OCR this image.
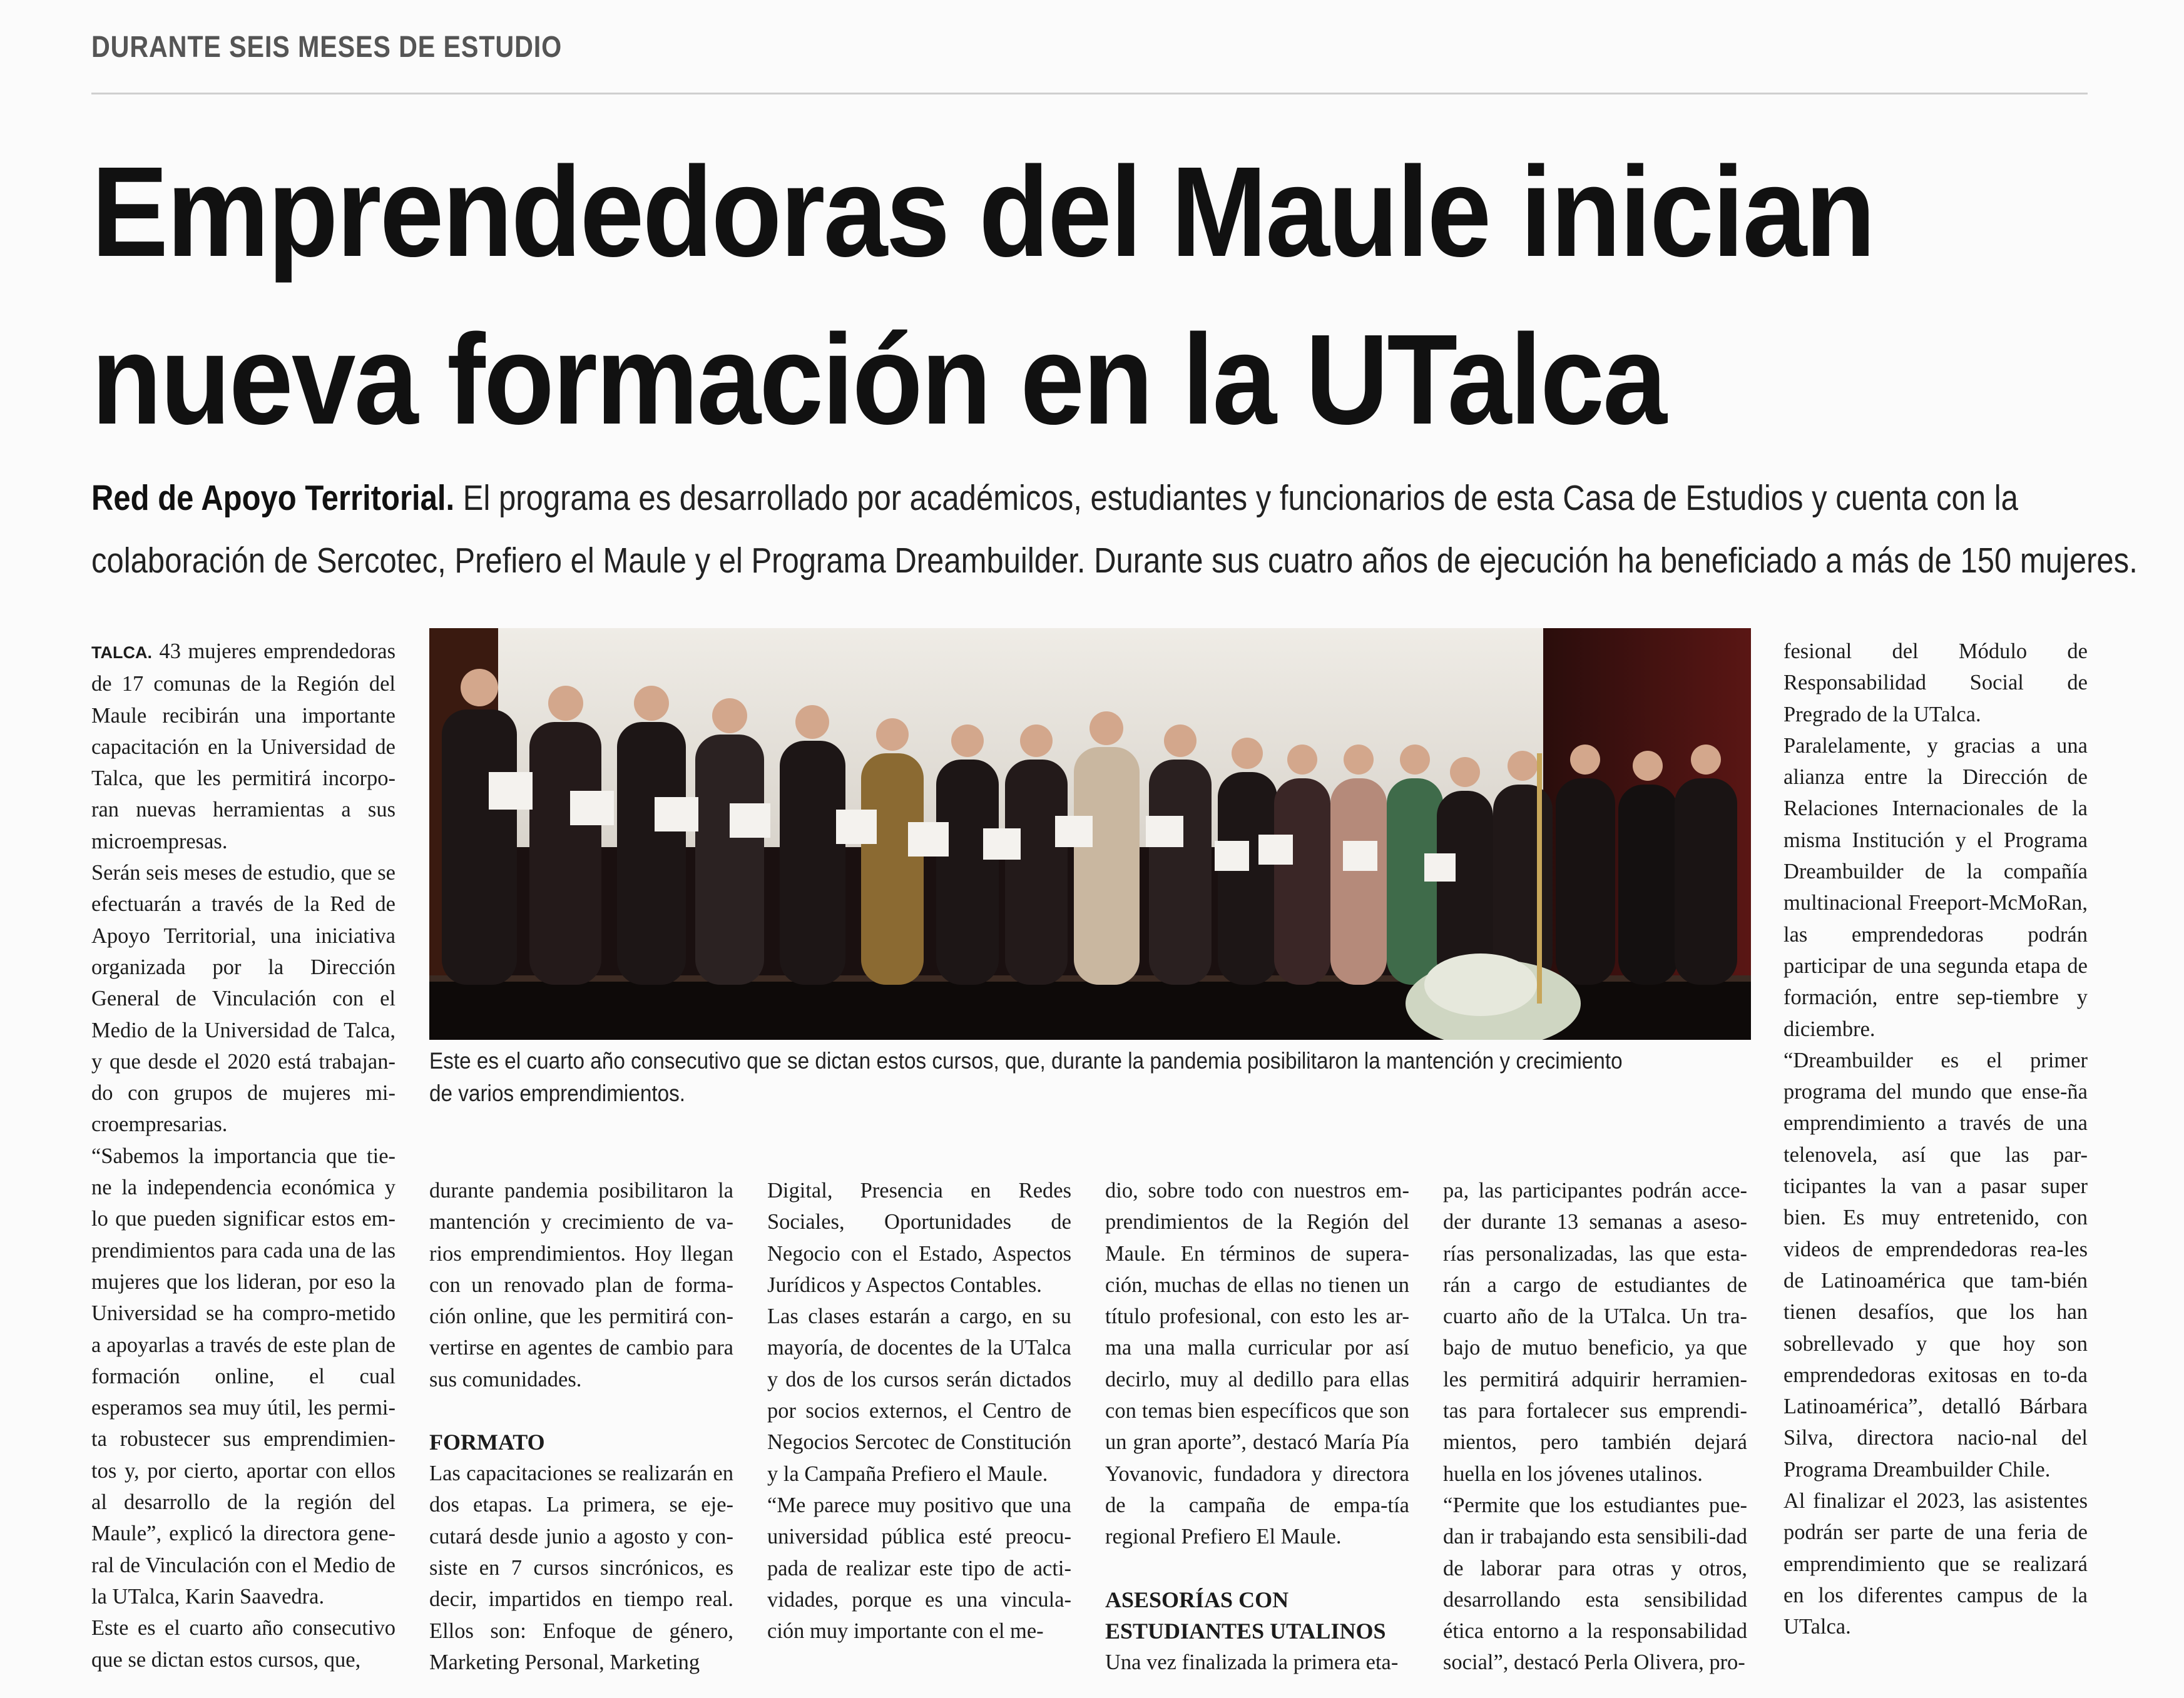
DURANTE SEIS MESES DE ESTUDIO
Emprendedoras del Maule inician
nueva formación en la UTalca
Red de Apoyo Territorial. El programa es desarrollado por académicos, estudiantes y funcionarios de esta Casa de Estudios y cuenta con la
colaboración de Sercotec, Prefiero el Maule y el Programa Dreambuilder. Durante sus cuatro años de ejecución ha beneficiado a más de 150 mujeres.
Este es el cuarto año consecutivo que se dictan estos cursos, que, durante la pandemia posibilitaron la mantención y crecimiento de varios emprendimientos.

TALCA. 43 mujeres emprendedoras de 17 comunas de la Región del Maule recibirán una importante capacitación en la Universidad de Talca, que les permitirá incorpo-ran nuevas herramientas a sus microempresas.

Serán seis meses de estudio, que se efectuarán a través de la Red de Apoyo Territorial, una iniciativa organizada por la Dirección General de Vinculación con el Medio de la Universidad de Talca, y que desde el 2020 está trabajan-do con grupos de mujeres mi-croempresarias.

“Sabemos la importancia que tie-ne la independencia económica y lo que pueden significar estos em-prendimientos para cada una de las mujeres que los lideran, por eso la Universidad se ha compro-metido a apoyarlas a través de este plan de formación online, el cual esperamos sea muy útil, les permi-ta robustecer sus emprendimien-tos y, por cierto, aportar con ellos al desarrollo de la región del Maule”, explicó la directora gene-ral de Vinculación con el Medio de la UTalca, Karin Saavedra.

Este es el cuarto año consecutivo que se dictan estos cursos, que,

durante pandemia posibilitaron la mantención y crecimiento de va-rios emprendimientos. Hoy llegan con un renovado plan de forma-ción online, que les permitirá con-vertirse en agentes de cambio para sus comunidades.

FORMATO

Las capacitaciones se realizarán en dos etapas. La primera, se eje-cutará desde junio a agosto y con-siste en 7 cursos sincrónicos, es decir, impartidos en tiempo real. Ellos son: Enfoque de género, Marketing Personal, Marketing

Digital, Presencia en Redes Sociales, Oportunidades de Negocio con el Estado, Aspectos Jurídicos y Aspectos Contables.

Las clases estarán a cargo, en su mayoría, de docentes de la UTalca y dos de los cursos serán dictados por socios externos, el Centro de Negocios Sercotec de Constitución y la Campaña Prefiero el Maule.

“Me parece muy positivo que una universidad pública esté preocu-pada de realizar este tipo de acti-vidades, porque es una vincula-ción muy importante con el me-

dio, sobre todo con nuestros em-prendimientos de la Región del Maule. En términos de supera-ción, muchas de ellas no tienen un título profesional, con esto les ar-ma una malla curricular por así decirlo, muy al dedillo para ellas con temas bien específicos que son un gran aporte”, destacó María Pía Yovanovic, fundadora y directora de la campaña de empa-tía regional Prefiero El Maule.

ASESORÍAS CON ESTUDIANTES UTALINOS

Una vez finalizada la primera eta-

pa, las participantes podrán acce-der durante 13 semanas a aseso-rías personalizadas, las que esta-rán a cargo de estudiantes de cuarto año de la UTalca. Un tra-bajo de mutuo beneficio, ya que les permitirá adquirir herramien-tas para fortalecer sus emprendi-mientos, pero también dejará huella en los jóvenes utalinos.

“Permite que los estudiantes pue-dan ir trabajando esta sensibili-dad de laborar para otras y otros, desarrollando esta sensibilidad ética entorno a la responsabilidad social”, destacó Perla Olivera, pro-

fesional del Módulo de Responsabilidad Social de Pregrado de la UTalca.

Paralelamente, y gracias a una alianza entre la Dirección de Relaciones Internacionales de la misma Institución y el Programa Dreambuilder de la compañía multinacional Freeport-McMoRan, las emprendedoras podrán participar de una segunda etapa de formación, entre sep-tiembre y diciembre.

“Dreambuilder es el primer programa del mundo que ense-ña emprendimiento a través de una telenovela, así que las par-ticipantes la van a pasar super bien. Es muy entretenido, con videos de emprendedoras rea-les de Latinoamérica que tam-bién tienen desafíos, que los han sobrellevado y que hoy son emprendedoras exitosas en to-da Latinoamérica”, detalló Bárbara Silva, directora nacio-nal del Programa Dreambuilder Chile.

Al finalizar el 2023, las asistentes podrán ser parte de una feria de emprendimiento que se realizará en los diferentes campus de la UTalca.
